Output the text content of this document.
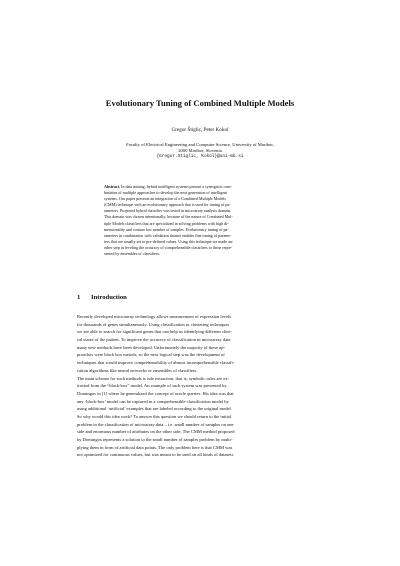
Evolutionary Tuning of Combined Multiple Models
Gregor Štiglic, Peter Kokol
Faculty of Electrical Engineering and Computer Science, University of Maribor,
2000 Maribor, Slovenia
{Gregor.Stiglic, Kokol}@uni-mb.si
Abstract. In data mining, hybrid intelligent systems present a synergistic com-
bination of multiple approaches to develop the next generation of intelligent
systems. Our paper presents an integration of a Combined Multiple Models
(CMM) technique with an evolutionary approach that is used for tuning of pa-
rameters. Proposed hybrid classifier was tested in microarray analysis domain.
This domain was chosen intentionally, because of the nature of Combined Mul-
tiple Models classifiers that are specialized in solving problems with high di-
mensionality and contain low number of samples. Evolutionary tuning of pa-
rameters in combination with validation dataset enables fine tuning of parame-
ters that are usually set to pre-defined values. Using this technique we made an-
other step in leveling the accuracy of comprehensible classifiers to those repre-
sented by ensembles of classifiers.
1 Introduction
Recently developed microarray technology allows measurement of expression levels
for thousands of genes simultaneously. Using classification or clustering techniques
we are able to search for significant genes that can help us identifying different clini-
cal states of the patient. To improve the accuracy of classification in microarray data
many new methods have been developed. Unfortunately the majority of these ap-
proaches were black box metods, so the next logical step was the development of
techniques that would improve comprehensibility of almost incomprehensible classifi-
cation algorithms like neural networks or ensembles of classifiers.
The main scheme for such methods is rule extraction, that is, symbolic rules are ex-
tracted from the “black-box” model. An example of such system was presented by
Domingos in [1] where he generalized the concept of oracle queries. His idea was that
any ‘black-box’ model can be captured in a comprehensible classification model by
using additional ‘artificial’ examples that are labeled according to the original model.
So why would this idea work? To answer this question we should return to the initial
problem in the classification of microarray data – i.e. small number of samples on one
side and enormous number of attributes on the other side. The CMM method proposed
by Domingos represents a solution to the small number of samples problem by multi-
plying them in form of artificial data points. The only problem here is that CMM was
not optimized for continuous values, but was meant to be used on all kinds of datasets
